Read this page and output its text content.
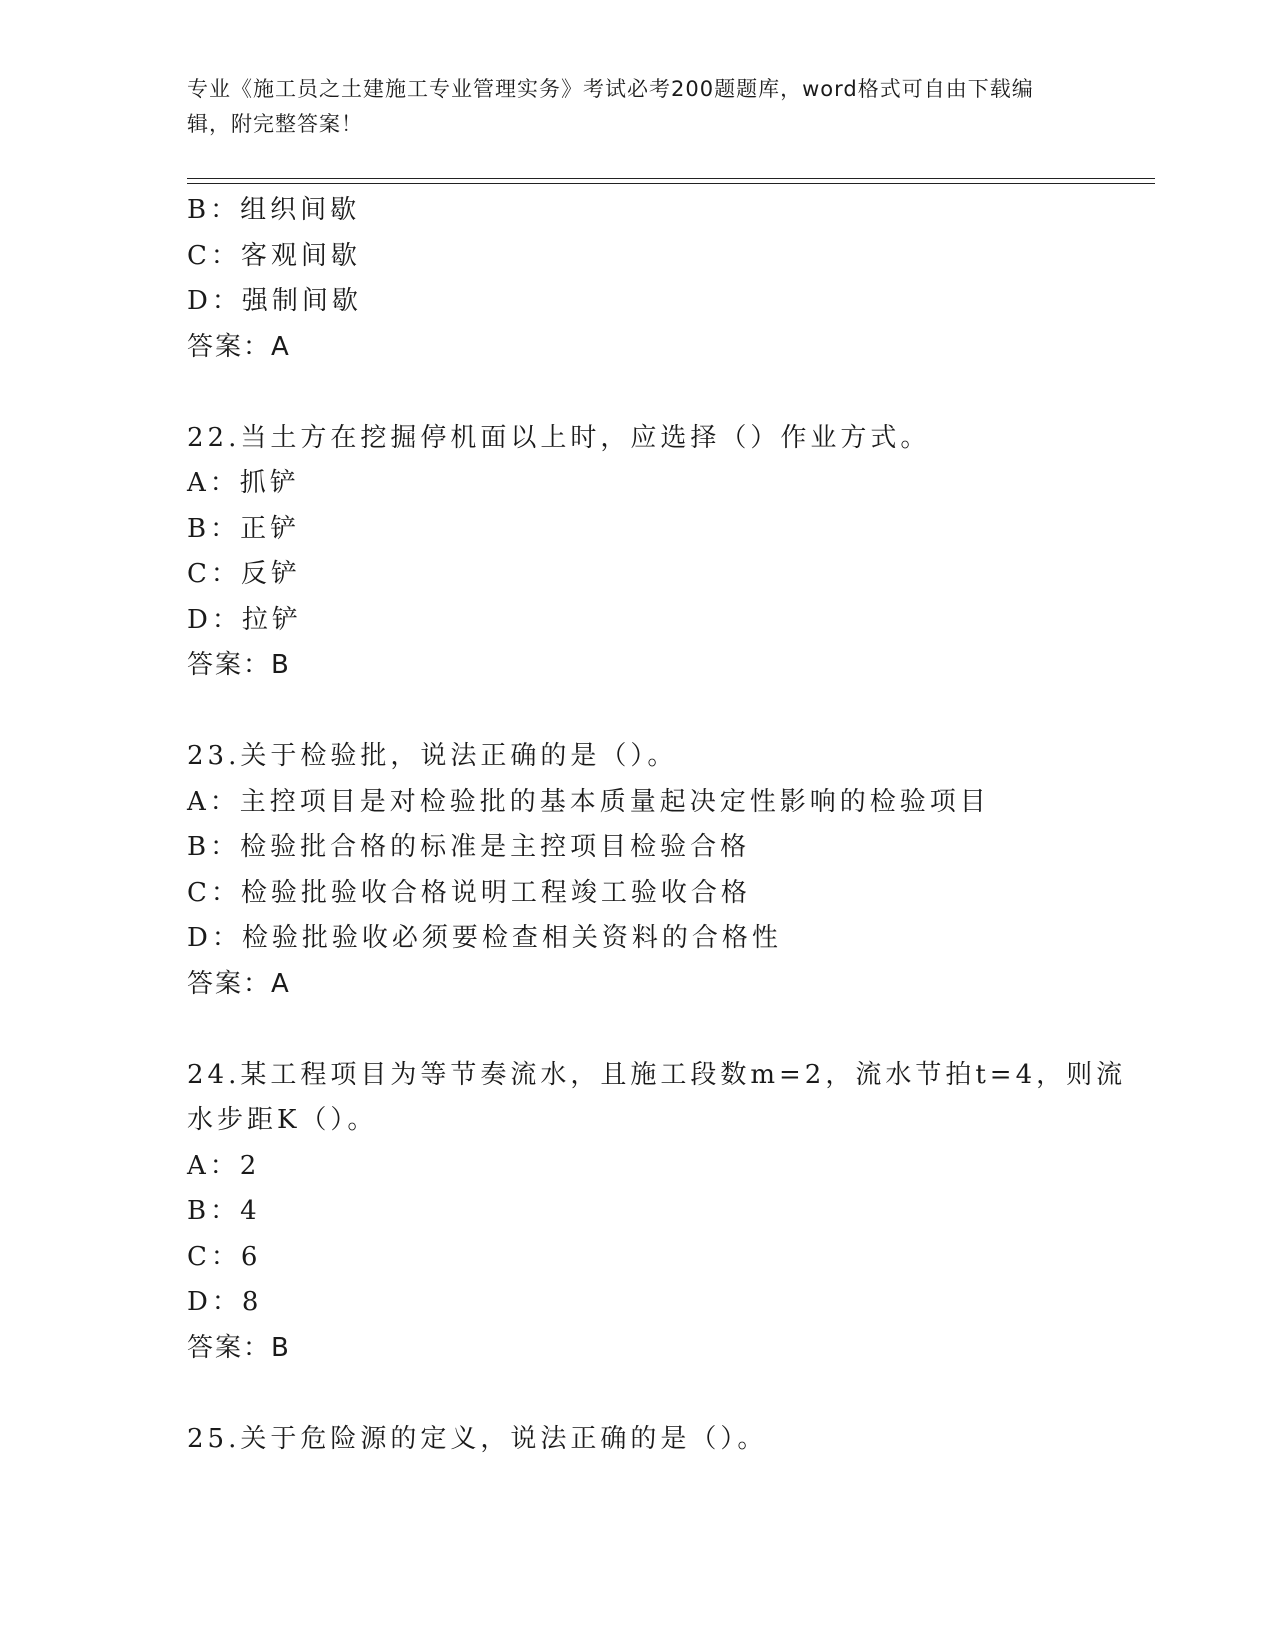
专业《施工员之土建施工专业管理实务》考试必考200题题库，word格式可自由下载编辑，附完整答案！
B：组织间歇
C：客观间歇
D：强制间歇
答案：A
22.当土方在挖掘停机面以上时，应选择（）作业方式。
A：抓铲
B：正铲
C：反铲
D：拉铲
答案：B
23.关于检验批，说法正确的是（）。
A：主控项目是对检验批的基本质量起决定性影响的检验项目
B：检验批合格的标准是主控项目检验合格
C：检验批验收合格说明工程竣工验收合格
D：检验批验收必须要检查相关资料的合格性
答案：A
24.某工程项目为等节奏流水，且施工段数m=2，流水节拍t=4，则流
水步距K（）。
A：2
B：4
C：6
D：8
答案：B
25.关于危险源的定义，说法正确的是（）。
